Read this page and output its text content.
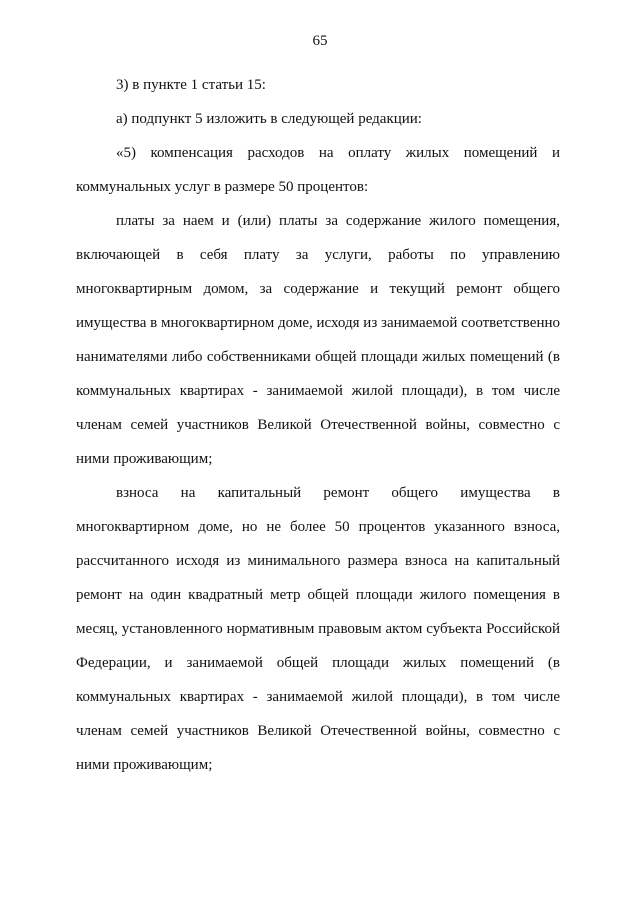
65

3) в пункте 1 статьи 15:

а) подпункт 5 изложить в следующей редакции:

«5) компенсация расходов на оплату жилых помещений и коммунальных услуг в размере 50 процентов:

платы за наем и (или) платы за содержание жилого помещения, включающей в себя плату за услуги, работы по управлению многоквартирным домом, за содержание и текущий ремонт общего имущества в многоквартирном доме, исходя из занимаемой соответственно нанимателями либо собственниками общей площади жилых помещений (в коммунальных квартирах - занимаемой жилой площади), в том числе членам семей участников Великой Отечественной войны, совместно с ними проживающим;

взноса на капитальный ремонт общего имущества в многоквартирном доме, но не более 50 процентов указанного взноса, рассчитанного исходя из минимального размера взноса на капитальный ремонт на один квадратный метр общей площади жилого помещения в месяц, установленного нормативным правовым актом субъекта Российской Федерации, и занимаемой общей площади жилых помещений (в коммунальных квартирах - занимаемой жилой площади), в том числе членам семей участников Великой Отечественной войны, совместно с ними проживающим;
